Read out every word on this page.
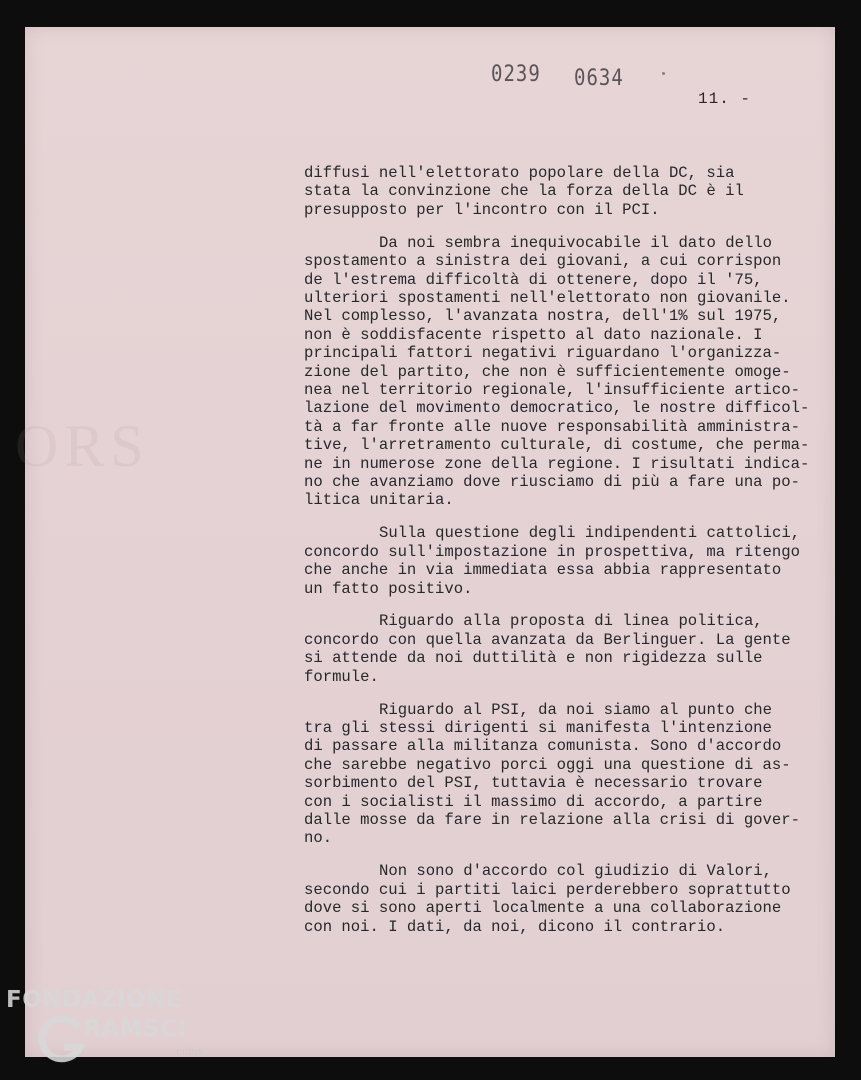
ORS
0239 0634
11. -
diffusi nell'elettorato popolare della DC, sia
stata la convinzione che la forza della DC è il
presupposto per l'incontro con il PCI.
Da noi sembra inequivocabile il dato dello
spostamento a sinistra dei giovani, a cui corrispon
de l'estrema difficoltà di ottenere, dopo il '75,
ulteriori spostamenti nell'elettorato non giovanile.
Nel complesso, l'avanzata nostra, dell'1% sul 1975,
non è soddisfacente rispetto al dato nazionale. I
principali fattori negativi riguardano l'organizza-
zione del partito, che non è sufficientemente omoge-
nea nel territorio regionale, l'insufficiente artico-
lazione del movimento democratico, le nostre difficol-
tà a far fronte alle nuove responsabilità amministra-
tive, l'arretramento culturale, di costume, che perma-
ne in numerose zone della regione. I risultati indica-
no che avanziamo dove riusciamo di più a fare una po-
litica unitaria.
Sulla questione degli indipendenti cattolici,
concordo sull'impostazione in prospettiva, ma ritengo
che anche in via immediata essa abbia rappresentato
un fatto positivo.
Riguardo alla proposta di linea politica,
concordo con quella avanzata da Berlinguer. La gente
si attende da noi duttilità e non rigidezza sulle
formule.
Riguardo al PSI, da noi siamo al punto che
tra gli stessi dirigenti si manifesta l'intenzione
di passare alla militanza comunista. Sono d'accordo
che sarebbe negativo porci oggi una questione di as-
sorbimento del PSI, tuttavia è necessario trovare
con i socialisti il massimo di accordo, a partire
dalle mosse da fare in relazione alla crisi di gover-
no.
Non sono d'accordo col giudizio di Valori,
secondo cui i partiti laici perderebbero soprattutto
dove si sono aperti localmente a una collaborazione
con noi. I dati, da noi, dicono il contrario.
FONDAZIONE
RAMSCI
onlus
